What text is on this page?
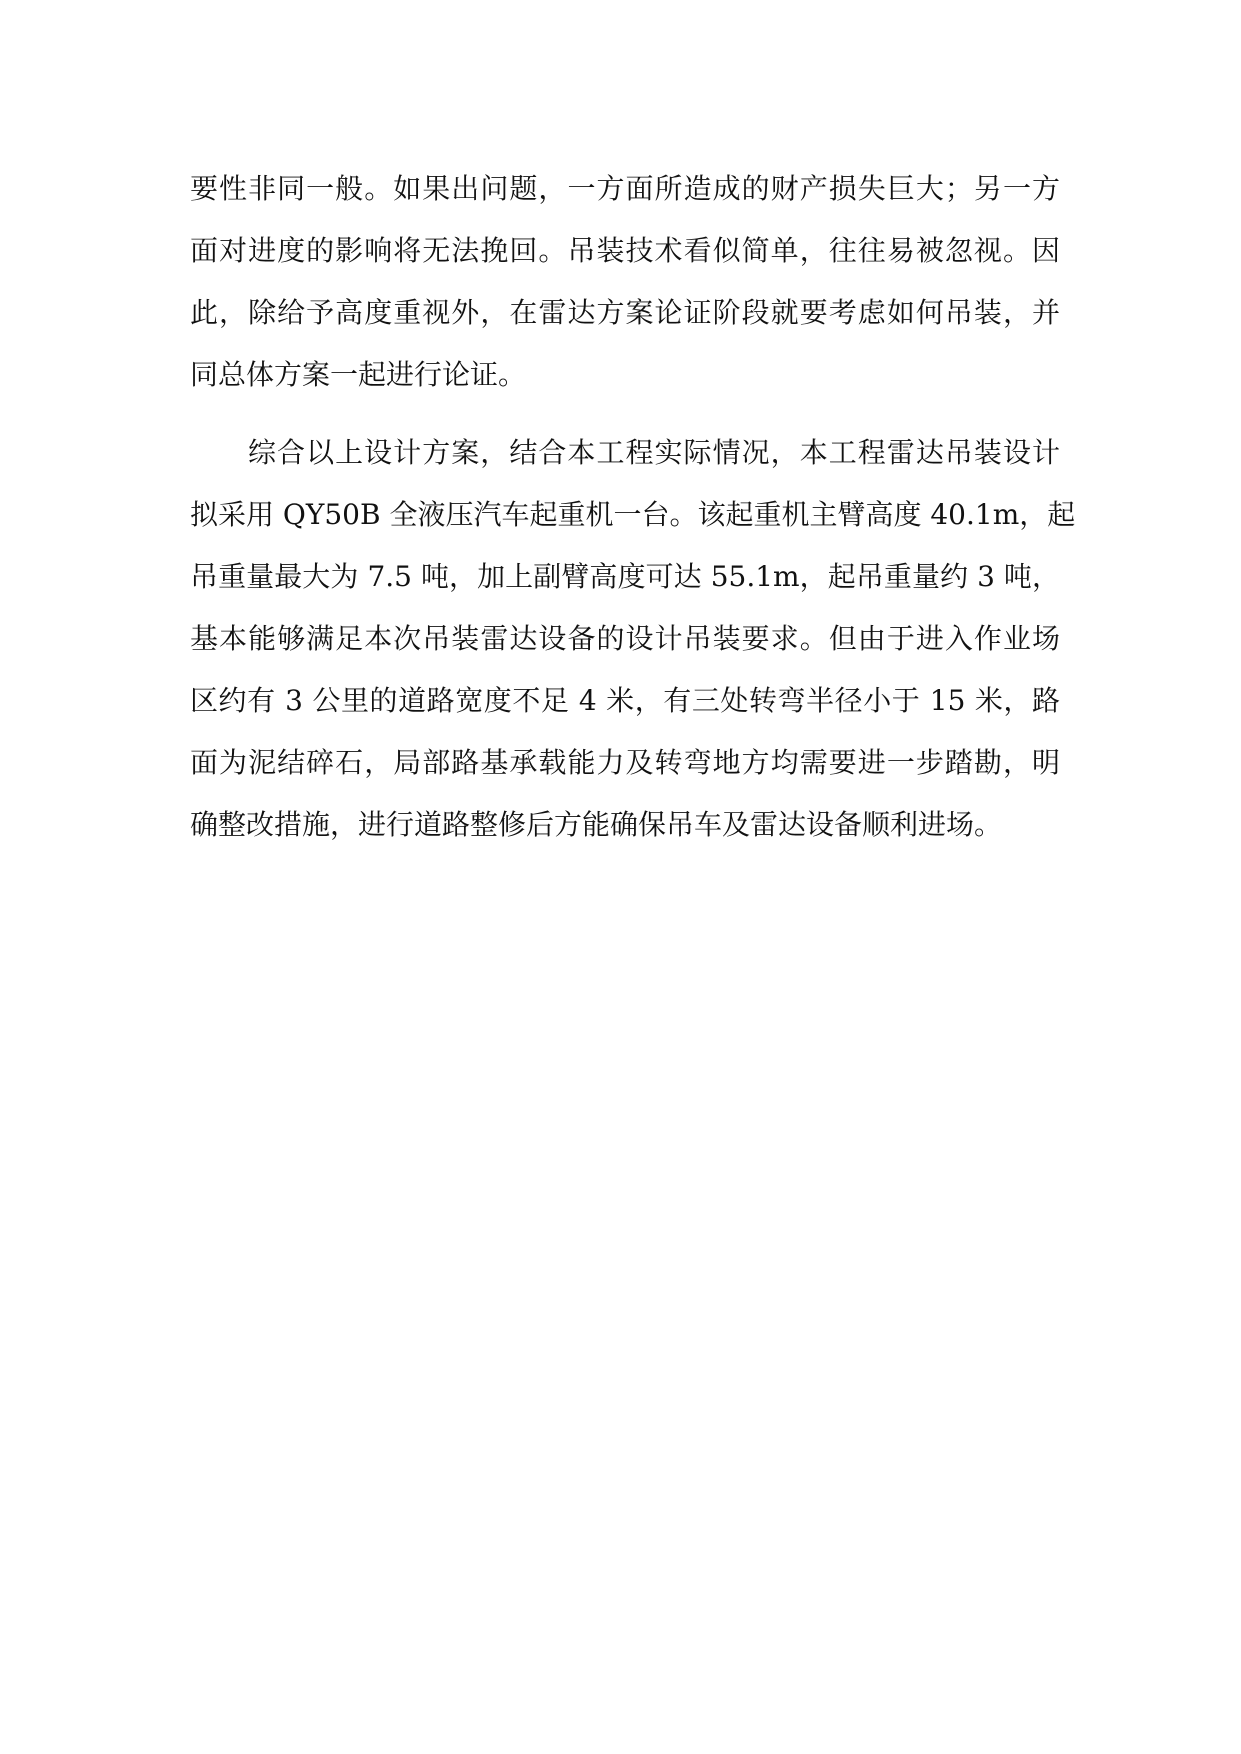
要性非同一般。如果出问题，一方面所造成的财产损失巨大；另一方
面对进度的影响将无法挽回。吊装技术看似简单，往往易被忽视。因
此，除给予高度重视外，在雷达方案论证阶段就要考虑如何吊装，并
同总体方案一起进行论证。
综合以上设计方案，结合本工程实际情况，本工程雷达吊装设计
拟采用 QY50B 全液压汽车起重机一台。该起重机主臂高度 40.1m，起
吊重量最大为 7.5 吨，加上副臂高度可达 55.1m，起吊重量约 3 吨，
基本能够满足本次吊装雷达设备的设计吊装要求。但由于进入作业场
区约有 3 公里的道路宽度不足 4 米，有三处转弯半径小于 15 米，路
面为泥结碎石，局部路基承载能力及转弯地方均需要进一步踏勘，明
确整改措施，进行道路整修后方能确保吊车及雷达设备顺利进场。
